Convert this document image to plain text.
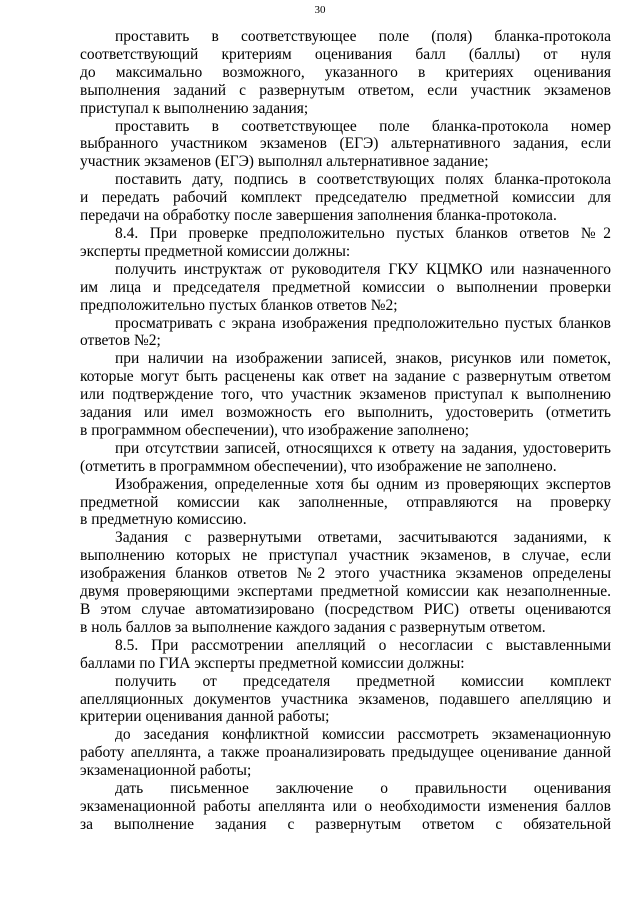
30
проставить в соответствующее поле (поля) бланка-протокола
соответствующий критериям оценивания балл (баллы) от нуля
до максимально возможного, указанного в критериях оценивания
выполнения заданий с развернутым ответом, если участник экзаменов
приступал к выполнению задания;
проставить в соответствующее поле бланка-протокола номер
выбранного участником экзаменов (ЕГЭ) альтернативного задания, если
участник экзаменов (ЕГЭ) выполнял альтернативное задание;
поставить дату, подпись в соответствующих полях бланка-протокола
и передать рабочий комплект председателю предметной комиссии для
передачи на обработку после завершения заполнения бланка-протокола.
8.4. При проверке предположительно пустых бланков ответов №2
эксперты предметной комиссии должны:
получить инструктаж от руководителя ГКУ КЦМКО или назначенного
им лица и председателя предметной комиссии о выполнении проверки
предположительно пустых бланков ответов №2;
просматривать с экрана изображения предположительно пустых бланков
ответов №2;
при наличии на изображении записей, знаков, рисунков или пометок,
которые могут быть расценены как ответ на задание с развернутым ответом
или подтверждение того, что участник экзаменов приступал к выполнению
задания или имел возможность его выполнить, удостоверить (отметить
в программном обеспечении), что изображение заполнено;
при отсутствии записей, относящихся к ответу на задания, удостоверить
(отметить в программном обеспечении), что изображение не заполнено.
Изображения, определенные хотя бы одним из проверяющих экспертов
предметной комиссии как заполненные, отправляются на проверку
в предметную комиссию.
Задания с развернутыми ответами, засчитываются заданиями, к
выполнению которых не приступал участник экзаменов, в случае, если
изображения бланков ответов №2 этого участника экзаменов определены
двумя проверяющими экспертами предметной комиссии как незаполненные.
В этом случае автоматизировано (посредством РИС) ответы оцениваются
в ноль баллов за выполнение каждого задания с развернутым ответом.
8.5. При рассмотрении апелляций о несогласии с выставленными
баллами по ГИА эксперты предметной комиссии должны:
получить от председателя предметной комиссии комплект
апелляционных документов участника экзаменов, подавшего апелляцию и
критерии оценивания данной работы;
до заседания конфликтной комиссии рассмотреть экзаменационную
работу апеллянта, а также проанализировать предыдущее оценивание данной
экзаменационной работы;
дать письменное заключение о правильности оценивания
экзаменационной работы апеллянта или о необходимости изменения баллов
за выполнение задания с развернутым ответом с обязательной
